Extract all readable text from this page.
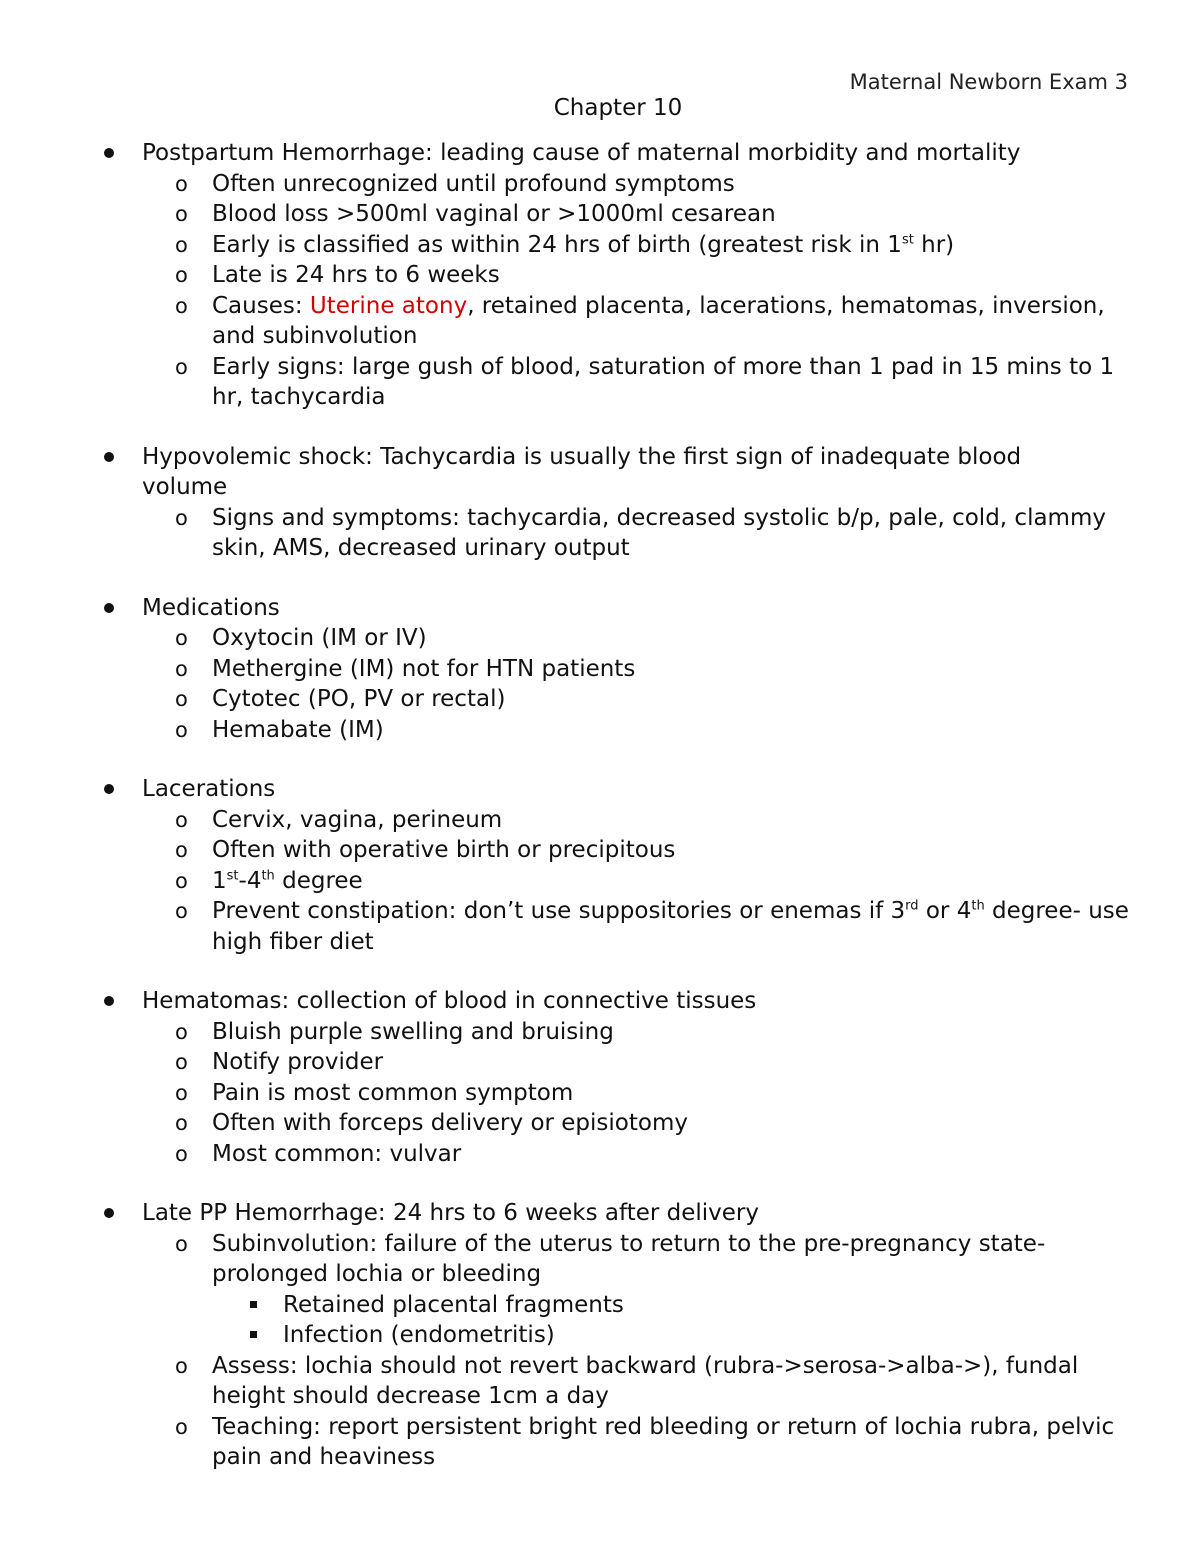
Maternal Newborn Exam 3
Chapter 10
Postpartum Hemorrhage: leading cause of maternal morbidity and mortality
o Often unrecognized until profound symptoms
o Blood loss >500ml vaginal or >1000ml cesarean
o Early is classified as within 24 hrs of birth (greatest risk in 1st hr)
o Late is 24 hrs to 6 weeks
o Causes: Uterine atony, retained placenta, lacerations, hematomas, inversion, and subinvolution
o Early signs: large gush of blood, saturation of more than 1 pad in 15 mins to 1 hr, tachycardia
Hypovolemic shock: Tachycardia is usually the first sign of inadequate blood volume
o Signs and symptoms: tachycardia, decreased systolic b/p, pale, cold, clammy skin, AMS, decreased urinary output
Medications
o Oxytocin (IM or IV)
o Methergine (IM) not for HTN patients
o Cytotec (PO, PV or rectal)
o Hemabate (IM)
Lacerations
o Cervix, vagina, perineum
o Often with operative birth or precipitous
o 1st-4th degree
o Prevent constipation: don’t use suppositories or enemas if 3rd or 4th degree- use high fiber diet
Hematomas: collection of blood in connective tissues
o Bluish purple swelling and bruising
o Notify provider
o Pain is most common symptom
o Often with forceps delivery or episiotomy
o Most common: vulvar
Late PP Hemorrhage: 24 hrs to 6 weeks after delivery
o Subinvolution: failure of the uterus to return to the pre-pregnancy state- prolonged lochia or bleeding
Retained placental fragments
Infection (endometritis)
o Assess: lochia should not revert backward (rubra->serosa->alba->), fundal height should decrease 1cm a day
o Teaching: report persistent bright red bleeding or return of lochia rubra, pelvic pain and heaviness
